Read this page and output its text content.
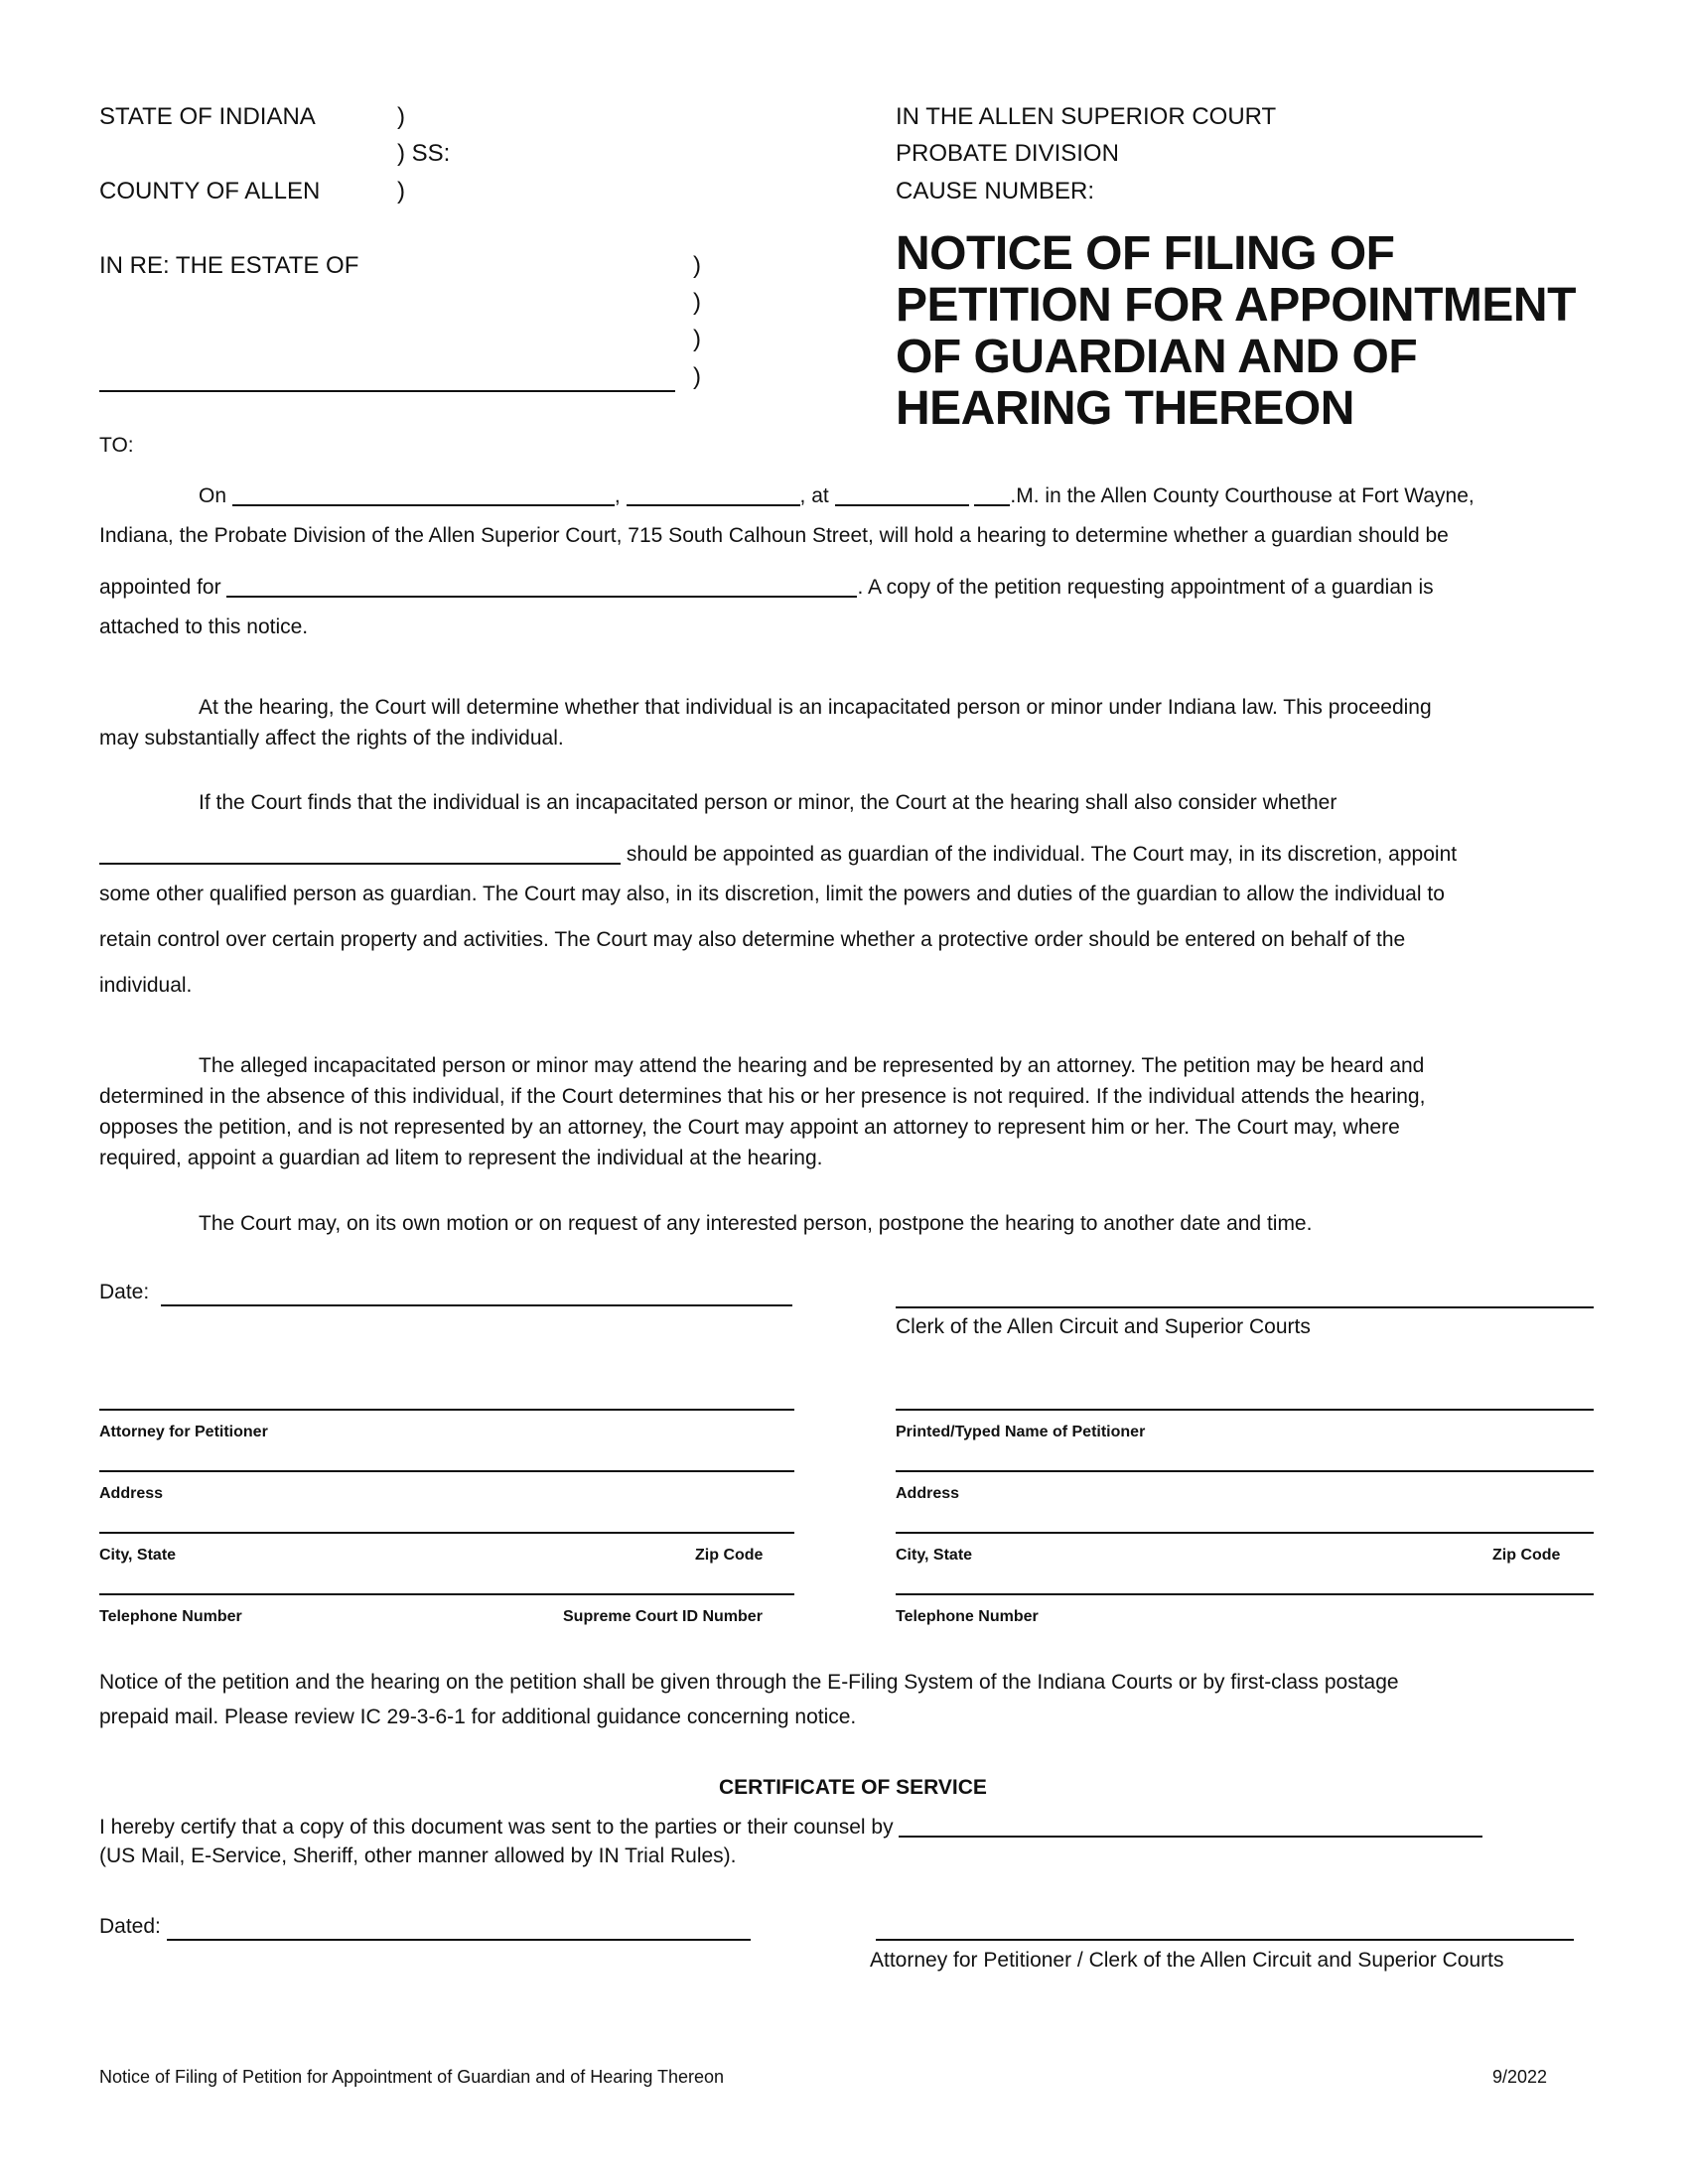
STATE OF INDIANA	)
) SS:
COUNTY OF ALLEN	)
IN THE ALLEN SUPERIOR COURT
PROBATE DIVISION
CAUSE NUMBER:
IN RE: THE ESTATE OF	)
)
)
)
NOTICE OF FILING OF
PETITION FOR APPOINTMENT
OF GUARDIAN AND OF
HEARING THEREON
TO:
On	,	, at	.M. in the Allen County Courthouse at Fort Wayne,
Indiana, the Probate Division of the Allen Superior Court, 715 South Calhoun Street, will hold a hearing to determine whether a guardian should be
appointed for	. A copy of the petition requesting appointment of a guardian is
attached to this notice.
At the hearing, the Court will determine whether that individual is an incapacitated person or minor under Indiana law. This proceeding
may substantially affect the rights of the individual.
If the Court finds that the individual is an incapacitated person or minor, the Court at the hearing shall also consider whether
should be appointed as guardian of the individual. The Court may, in its discretion, appoint
some other qualified person as guardian. The Court may also, in its discretion, limit the powers and duties of the guardian to allow the individual to
retain control over certain property and activities. The Court may also determine whether a protective order should be entered on behalf of the
individual.
The alleged incapacitated person or minor may attend the hearing and be represented by an attorney. The petition may be heard and
determined in the absence of this individual, if the Court determines that his or her presence is not required. If the individual attends the hearing,
opposes the petition, and is not represented by an attorney, the Court may appoint an attorney to represent him or her. The Court may, where
required, appoint a guardian ad litem to represent the individual at the hearing.
The Court may, on its own motion or on request of any interested person, postpone the hearing to another date and time.
Date:
Clerk of the Allen Circuit and Superior Courts
Attorney for Petitioner	Printed/Typed Name of Petitioner
Address	Address
City, State	Zip Code	City, State	Zip Code
Telephone Number	Supreme Court ID Number	Telephone Number
Notice of the petition and the hearing on the petition shall be given through the E-Filing System of the Indiana Courts or by first-class postage
prepaid mail. Please review IC 29-3-6-1 for additional guidance concerning notice.
CERTIFICATE OF SERVICE
I hereby certify that a copy of this document was sent to the parties or their counsel by
(US Mail, E-Service, Sheriff, other manner allowed by IN Trial Rules).
Dated:
Attorney for Petitioner / Clerk of the Allen Circuit and Superior Courts
Notice of Filing of Petition for Appointment of Guardian and of Hearing Thereon	9/2022
